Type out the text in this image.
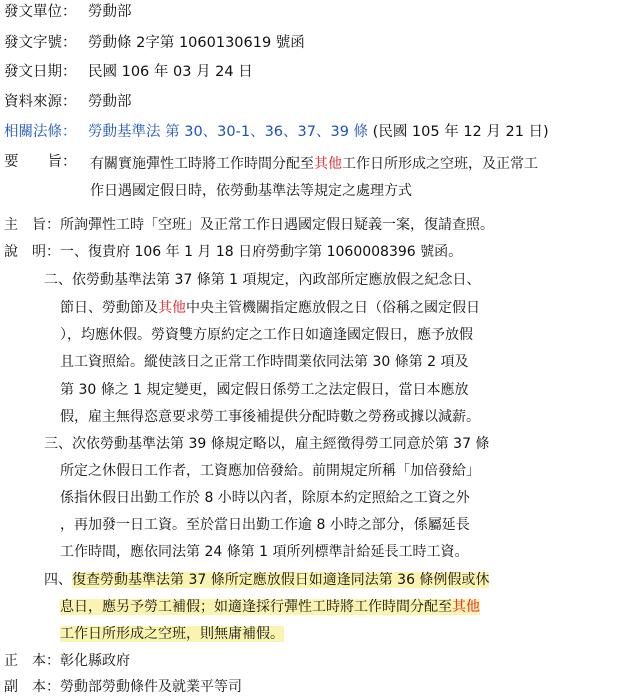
發文單位： 勞動部
發文字號： 勞動條 2字第 1060130619 號函
發文日期： 民國 106 年 03 月 24 日
資料來源： 勞動部
相關法條： 勞動基準法 第 30、30-1、36、37、39 條 (民國 105 年 12 月 21 日)
要　　旨： 有關實施彈性工時將工作時間分配至其他工作日所形成之空班，及正常工
作日遇國定假日時，依勞動基準法等規定之處理方式
主　旨：所詢彈性工時「空班」及正常工作日遇國定假日疑義一案，復請查照。
說　明：一、復貴府 106 年 1 月 18 日府勞動字第 1060008396 號函。
二、依勞動基準法第 37 條第 1 項規定，內政部所定應放假之紀念日、
節日、勞動節及其他中央主管機關指定應放假之日（俗稱之國定假日
），均應休假。勞資雙方原約定之工作日如適逢國定假日，應予放假
且工資照給。縱使該日之正常工作時間業依同法第 30 條第 2 項及
第 30 條之 1 規定變更，國定假日係勞工之法定假日，當日本應放
假，雇主無得恣意要求勞工事後補提供分配時數之勞務或據以減薪。
三、次依勞動基準法第 39 條規定略以，雇主經徵得勞工同意於第 37 條
所定之休假日工作者，工資應加倍發給。前開規定所稱「加倍發給」
係指休假日出勤工作於 8 小時以內者，除原本約定照給之工資之外
，再加發一日工資。至於當日出勤工作逾 8 小時之部分，係屬延長
工作時間，應依同法第 24 條第 1 項所列標準計給延長工時工資。
四、復查勞動基準法第 37 條所定應放假日如適逢同法第 36 條例假或休
息日，應另予勞工補假；如適逢採行彈性工時將工作時間分配至其他
工作日所形成之空班，則無庸補假。
正　本：彰化縣政府
副　本：勞動部勞動條件及就業平等司
